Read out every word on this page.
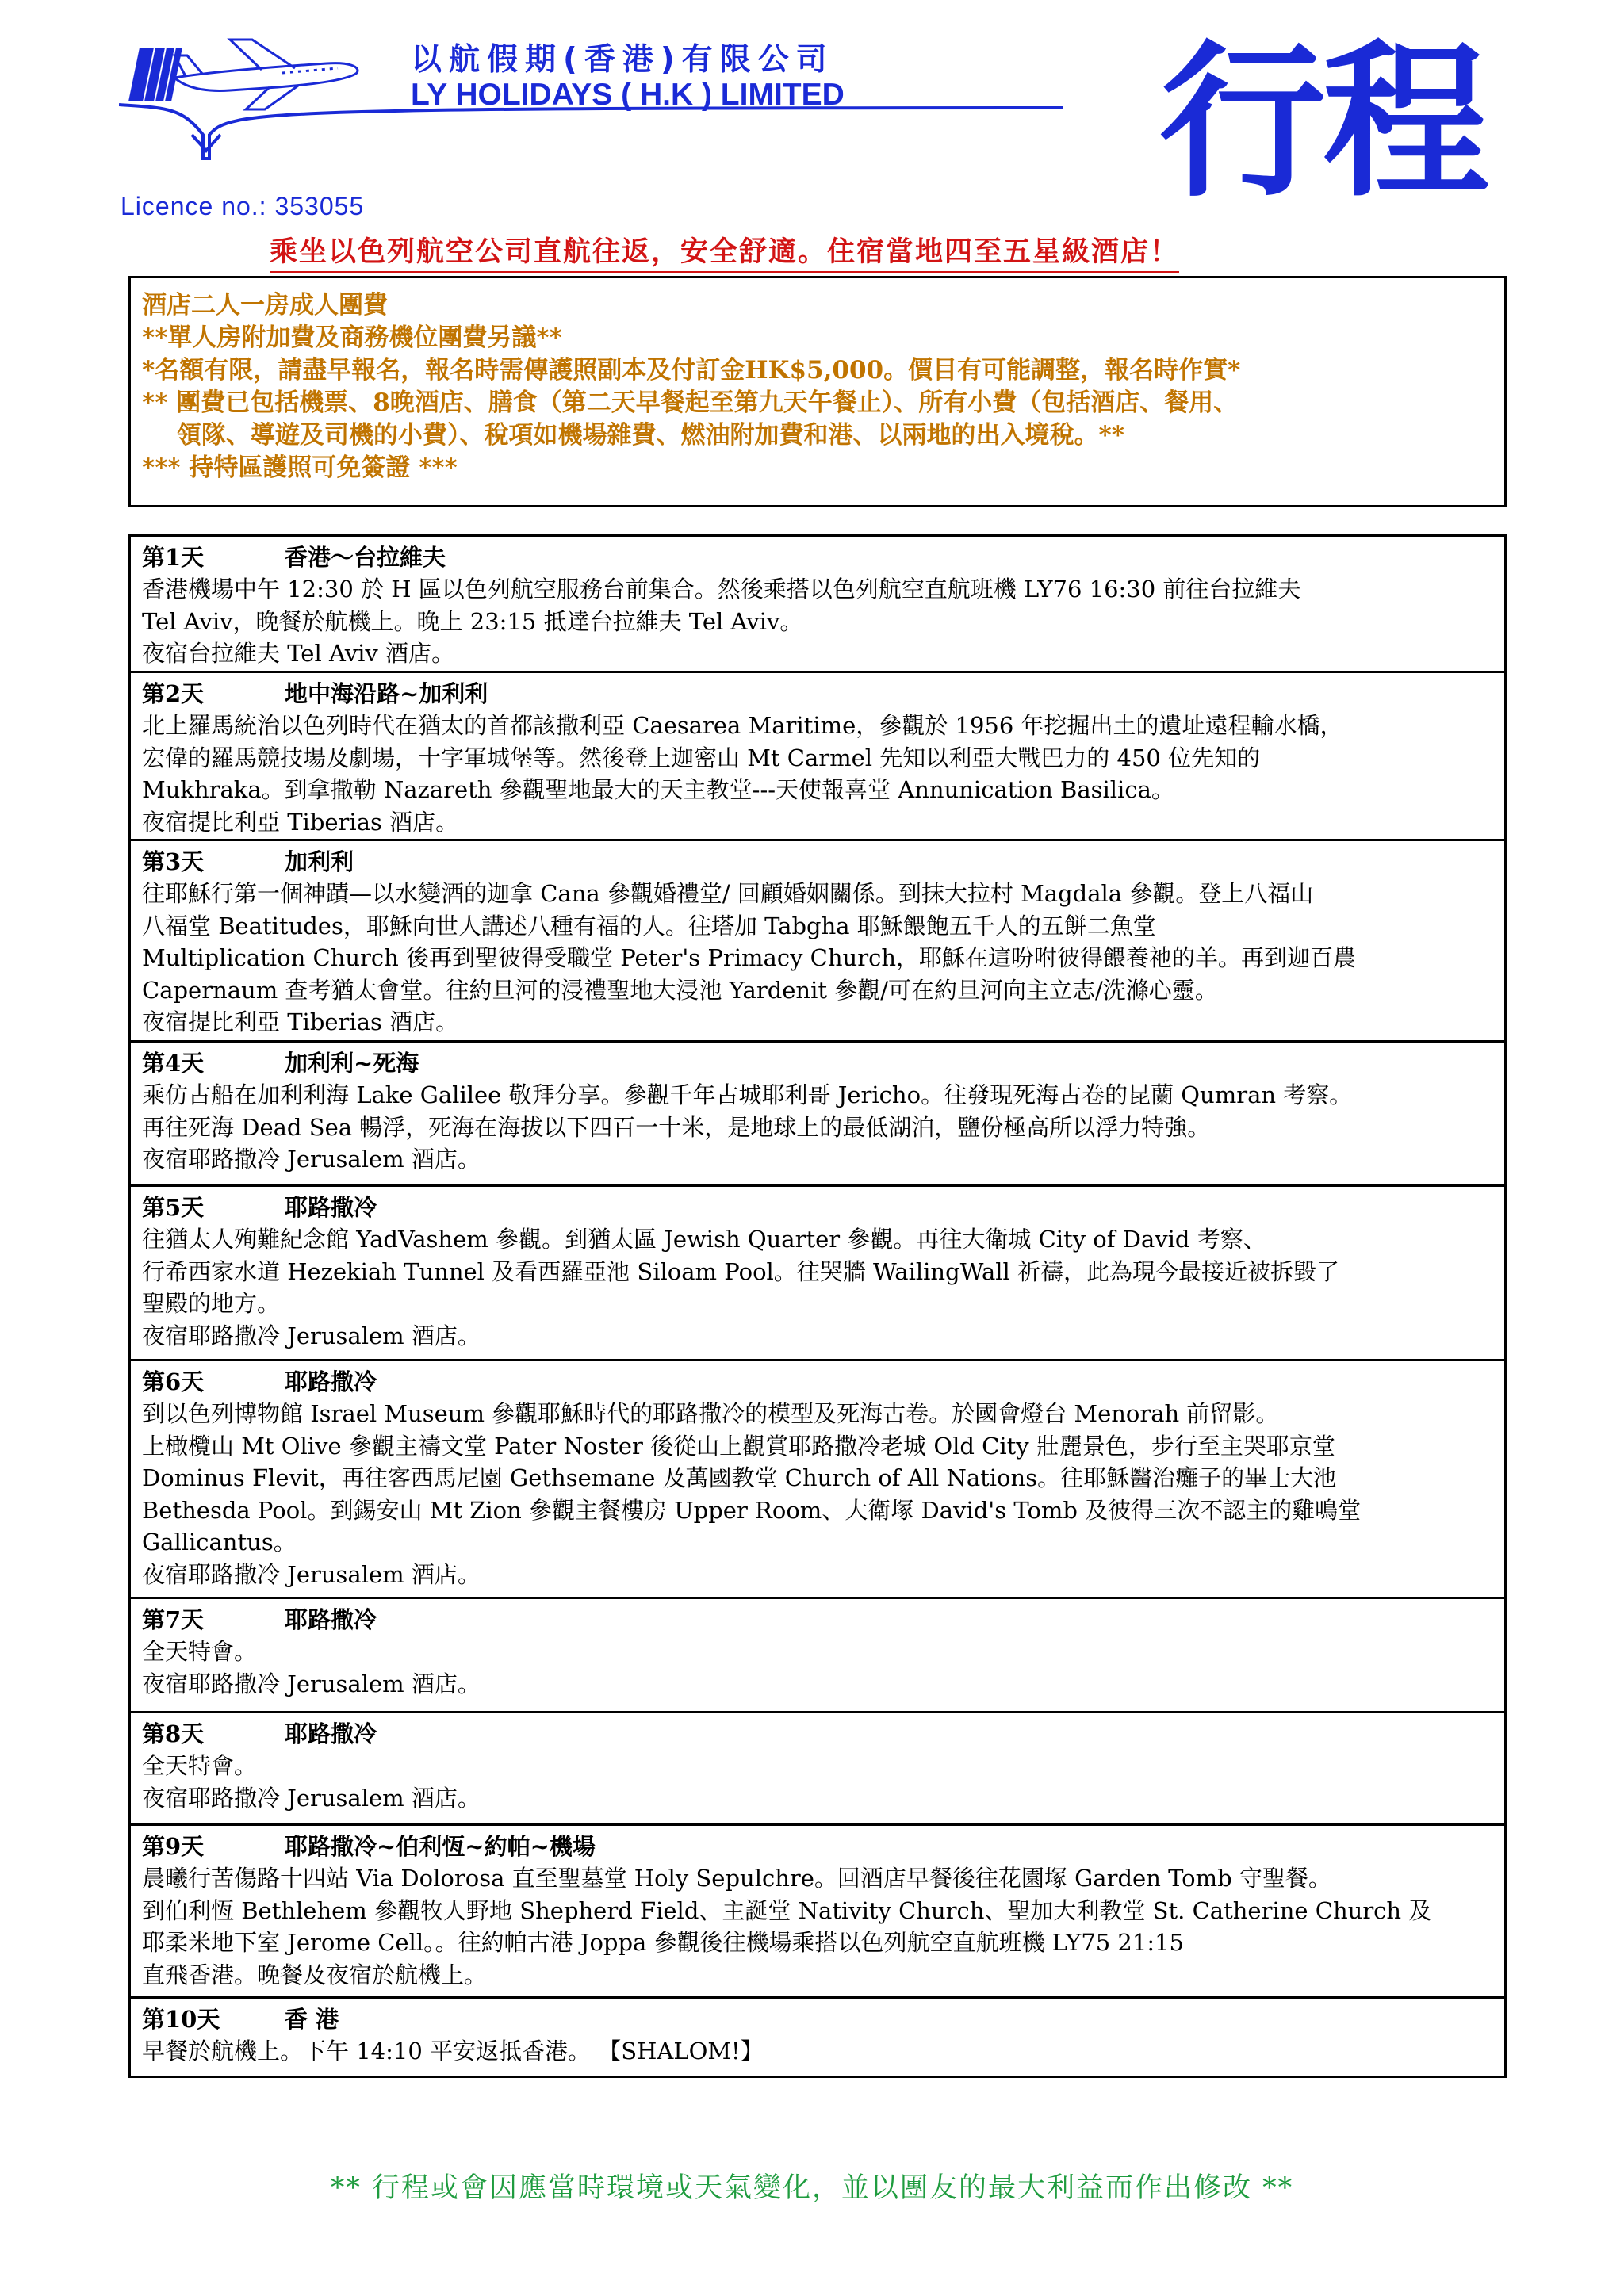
以航假期(香港)有限公司
LY HOLIDAYS ( H.K ) LIMITED
Licence no.: 353055	行程
乘坐以色列航空公司直航往返，安全舒適。住宿當地四至五星級酒店！
酒店二人一房成人團費
**單人房附加費及商務機位團費另議**
*名額有限，請盡早報名，報名時需傳護照副本及付訂金HK$5,000。價目有可能調整，報名時作實*
** 團費已包括機票、8晚酒店、膳食（第二天早餐起至第九天午餐止）、所有小費（包括酒店、餐用、
領隊、導遊及司機的小費）、稅項如機場雜費、燃油附加費和港、以兩地的出入境稅。**
*** 持特區護照可免簽證 ***
第1天	香港～台拉維夫
香港機場中午 12:30 於 H 區以色列航空服務台前集合。然後乘搭以色列航空直航班機 LY76 16:30 前往台拉維夫
Tel Aviv，晚餐於航機上。晚上 23:15 抵達台拉維夫 Tel Aviv。
夜宿台拉維夫 Tel Aviv 酒店。
第2天	地中海沿路~加利利
北上羅馬統治以色列時代在猶太的首都該撒利亞 Caesarea Maritime，參觀於 1956 年挖掘出土的遺址遠程輸水橋，
宏偉的羅馬競技場及劇場，十字軍城堡等。然後登上迦密山 Mt Carmel 先知以利亞大戰巴力的 450 位先知的
Mukhraka。到拿撒勒 Nazareth 參觀聖地最大的天主教堂---天使報喜堂 Annunication Basilica。
夜宿提比利亞 Tiberias 酒店。
第3天	加利利
往耶穌行第一個神蹟—以水變酒的迦拿 Cana 參觀婚禮堂/ 回顧婚姻關係。到抹大拉村 Magdala 參觀。登上八福山
八福堂 Beatitudes，耶穌向世人講述八種有福的人。往塔加 Tabgha 耶穌餵飽五千人的五餅二魚堂
Multiplication Church 後再到聖彼得受職堂 Peter's Primacy Church，耶穌在這吩咐彼得餵養祂的羊。再到迦百農
Capernaum 查考猶太會堂。往約旦河的浸禮聖地大浸池 Yardenit 參觀/可在約旦河向主立志/洗滌心靈。
夜宿提比利亞 Tiberias 酒店。
第4天	加利利~死海
乘仿古船在加利利海 Lake Galilee 敬拜分享。參觀千年古城耶利哥 Jericho。往發現死海古卷的昆蘭 Qumran 考察。
再往死海 Dead Sea 暢浮，死海在海拔以下四百一十米，是地球上的最低湖泊，鹽份極高所以浮力特強。
夜宿耶路撒冷 Jerusalem 酒店。
第5天	耶路撒冷
往猶太人殉難紀念館 YadVashem 參觀。到猶太區 Jewish Quarter 參觀。再往大衛城 City of David 考察、
行希西家水道 Hezekiah Tunnel 及看西羅亞池 Siloam Pool。往哭牆 WailingWall 祈禱，此為現今最接近被拆毀了
聖殿的地方。
夜宿耶路撒冷 Jerusalem 酒店。
第6天	耶路撒冷
到以色列博物館 Israel Museum 參觀耶穌時代的耶路撒冷的模型及死海古卷。於國會燈台 Menorah 前留影。
上橄欖山 Mt Olive 參觀主禱文堂 Pater Noster 後從山上觀賞耶路撒冷老城 Old City 壯麗景色，步行至主哭耶京堂
Dominus Flevit，再往客西馬尼園 Gethsemane 及萬國教堂 Church of All Nations。往耶穌醫治癱子的畢士大池
Bethesda Pool。到錫安山 Mt Zion 參觀主餐樓房 Upper Room、大衛塚 David's Tomb 及彼得三次不認主的雞鳴堂
Gallicantus。
夜宿耶路撒冷 Jerusalem 酒店。
第7天	耶路撒冷
全天特會。
夜宿耶路撒冷 Jerusalem 酒店。
第8天	耶路撒冷
全天特會。
夜宿耶路撒冷 Jerusalem 酒店。
第9天	耶路撒冷~伯利恆~約帕~機場
晨曦行苦傷路十四站 Via Dolorosa 直至聖墓堂 Holy Sepulchre。回酒店早餐後往花園塚 Garden Tomb 守聖餐。
到伯利恆 Bethlehem 參觀牧人野地 Shepherd Field、主誕堂 Nativity Church、聖加大利教堂 St. Catherine Church 及
耶柔米地下室 Jerome Cell。。往約帕古港 Joppa 參觀後往機場乘搭以色列航空直航班機 LY75 21:15
直飛香港。晚餐及夜宿於航機上。
第10天	香 港
早餐於航機上。下午 14:10 平安返抵香港。 【SHALOM!】
** 行程或會因應當時環境或天氣變化，並以團友的最大利益而作出修改 **
